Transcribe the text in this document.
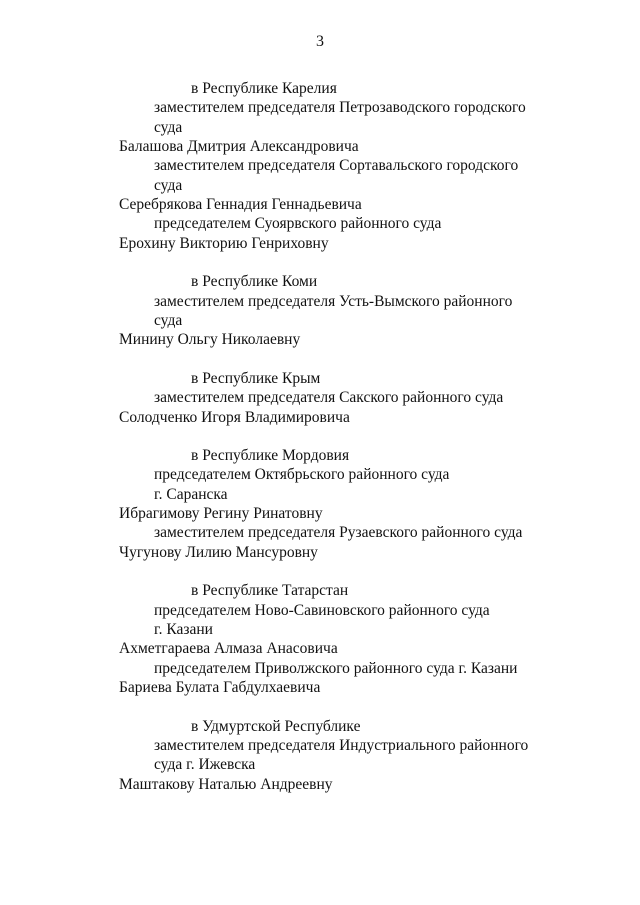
3
в Республике Карелия
заместителем председателя Петрозаводского городского
суда
Балашова Дмитрия Александровича
заместителем председателя Сортавальского городского
суда
Серебрякова Геннадия Геннадьевича
председателем Суоярвского районного суда
Ерохину Викторию Генриховну
в Республике Коми
заместителем председателя Усть-Вымского районного
суда
Минину Ольгу Николаевну
в Республике Крым
заместителем председателя Сакского районного суда
Солодченко Игоря Владимировича
в Республике Мордовия
председателем Октябрьского районного суда
г. Саранска
Ибрагимову Регину Ринатовну
заместителем председателя Рузаевского районного суда
Чугунову Лилию Мансуровну
в Республике Татарстан
председателем Ново-Савиновского районного суда
г. Казани
Ахметгараева Алмаза Анасовича
председателем Приволжского районного суда г. Казани
Бариева Булата Габдулхаевича
в Удмуртской Республике
заместителем председателя Индустриального районного
суда г. Ижевска
Маштакову Наталью Андреевну
